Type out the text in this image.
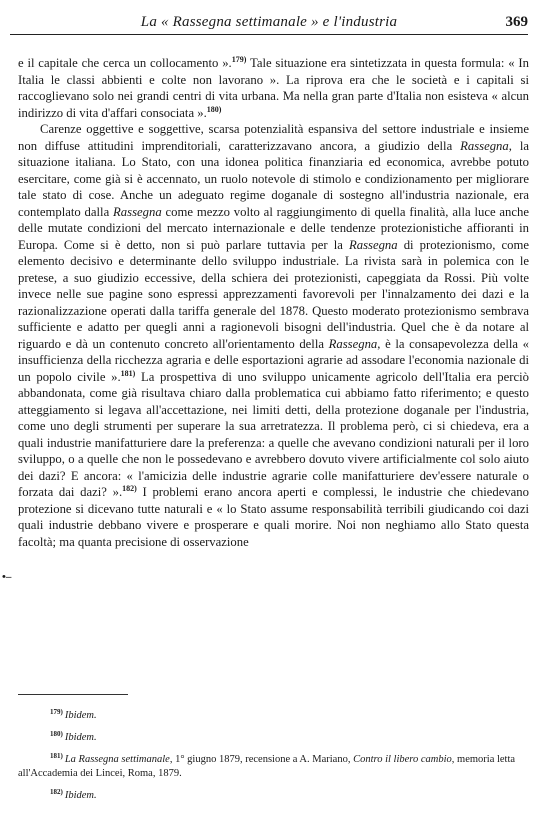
La « Rassegna settimanale » e l'industria	369
•–

e il capitale che cerca un collocamento ».$^{179)}$ Tale situazione era sintetizzata in questa formula: « In Italia le classi abbienti e colte non lavorano ». La riprova era che le società e i capitali si raccoglievano solo nei grandi centri di vita urbana. Ma nella gran parte d'Italia non esisteva « alcun indirizzo di vita d'affari consociata ».$^{180)}$

Carenze oggettive e soggettive, scarsa potenzialità espansiva del settore industriale e insieme non diffuse attitudini imprenditoriali, caratterizzavano ancora, a giudizio della Rassegna, la situazione italiana. Lo Stato, con una idonea politica finanziaria ed economica, avrebbe potuto esercitare, come già si è accennato, un ruolo notevole di stimolo e condizionamento per migliorare tale stato di cose. Anche un adeguato regime doganale di sostegno all'industria nazionale, era contemplato dalla Rassegna come mezzo volto al raggiungimento di quella finalità, alla luce anche delle mutate condizioni del mercato internazionale e delle tendenze protezionistiche affioranti in Europa. Come si è detto, non si può parlare tuttavia per la Rassegna di protezionismo, come elemento decisivo e determinante dello sviluppo industriale. La rivista sarà in polemica con le pretese, a suo giudizio eccessive, della schiera dei protezionisti, capeggiata da Rossi. Più volte invece nelle sue pagine sono espressi apprezzamenti favorevoli per l'innalzamento dei dazi e la razionalizzazione operati dalla tariffa generale del 1878. Questo moderato protezionismo sembrava sufficiente e adatto per quegli anni a ragionevoli bisogni dell'industria. Quel che è da notare al riguardo e dà un contenuto concreto all'orientamento della Rassegna, è la consapevolezza della « insufficienza della ricchezza agraria e delle esportazioni agrarie ad assodare l'economia nazionale di un popolo civile ».$^{181)}$ La prospettiva di uno sviluppo unicamente agricolo dell'Italia era perciò abbandonata, come già risultava chiaro dalla problematica cui abbiamo fatto riferimento; e questo atteggiamento si legava all'accettazione, nei limiti detti, della protezione doganale per l'industria, come uno degli strumenti per superare la sua arretratezza. Il problema però, ci si chiedeva, era a quali industrie manifatturiere dare la preferenza: a quelle che avevano condizioni naturali per il loro sviluppo, o a quelle che non le possedevano e avrebbero dovuto vivere artificialmente col solo aiuto dei dazi? E ancora: « l'amicizia delle industrie agrarie colle manifatturiere dev'essere naturale o forzata dai dazi? ».$^{182)}$ I problemi erano ancora aperti e complessi, le industrie che chiedevano protezione si dicevano tutte naturali e « lo Stato assume responsabilità terribili giudicando coi dazi quali industrie debbano vivere e prosperare e quali morire. Noi non neghiamo allo Stato questa facoltà; ma quanta precisione di osservazione

$^{179)}$ Ibidem.

$^{180)}$ Ibidem.

$^{181)}$ La Rassegna settimanale, 1° giugno 1879, recensione a A. Mariano, Contro il libero cambio, memoria letta all'Accademia dei Lincei, Roma, 1879.

$^{182)}$ Ibidem.
